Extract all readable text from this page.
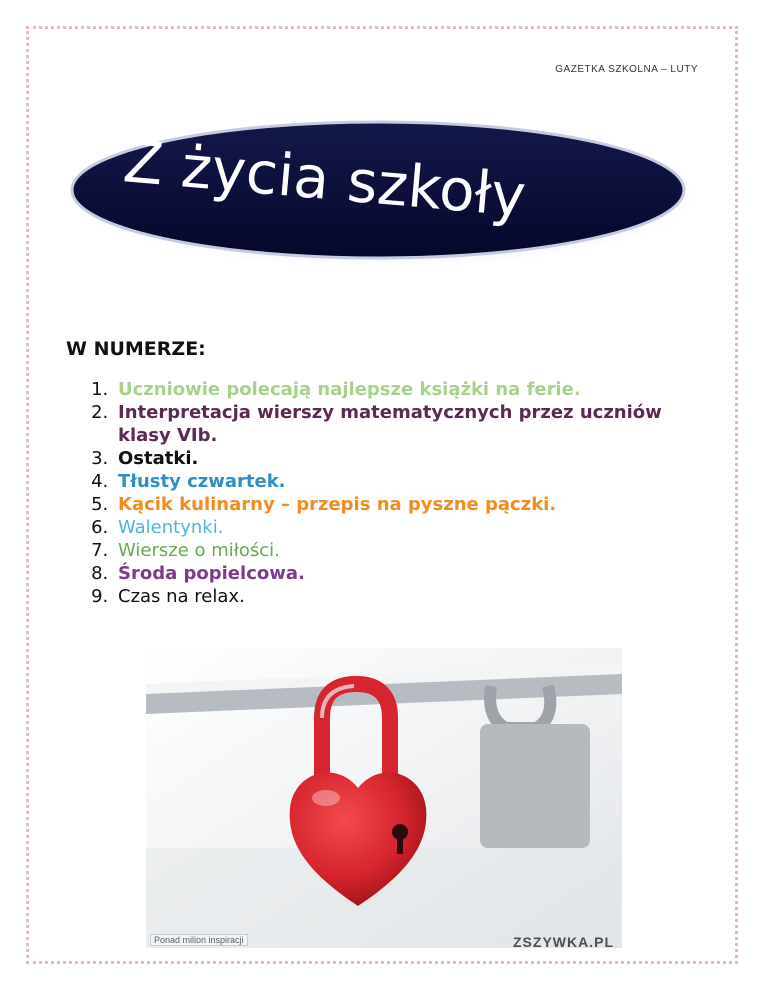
GAZETKA SZKOLNA – LUTY
Z życia szkoły
W NUMERZE:
1. Uczniowie polecają najlepsze książki na ferie.
2. Interpretacja wierszy matematycznych przez uczniów klasy VIb.
3. Ostatki.
4. Tłusty czwartek.
5. Kącik kulinarny – przepis na pyszne pączki.
6. Walentynki.
7. Wiersze o miłości.
8. Środa popielcowa.
9. Czas na relax.
Ponad milion inspiracji	ZSZYWKA.PL
